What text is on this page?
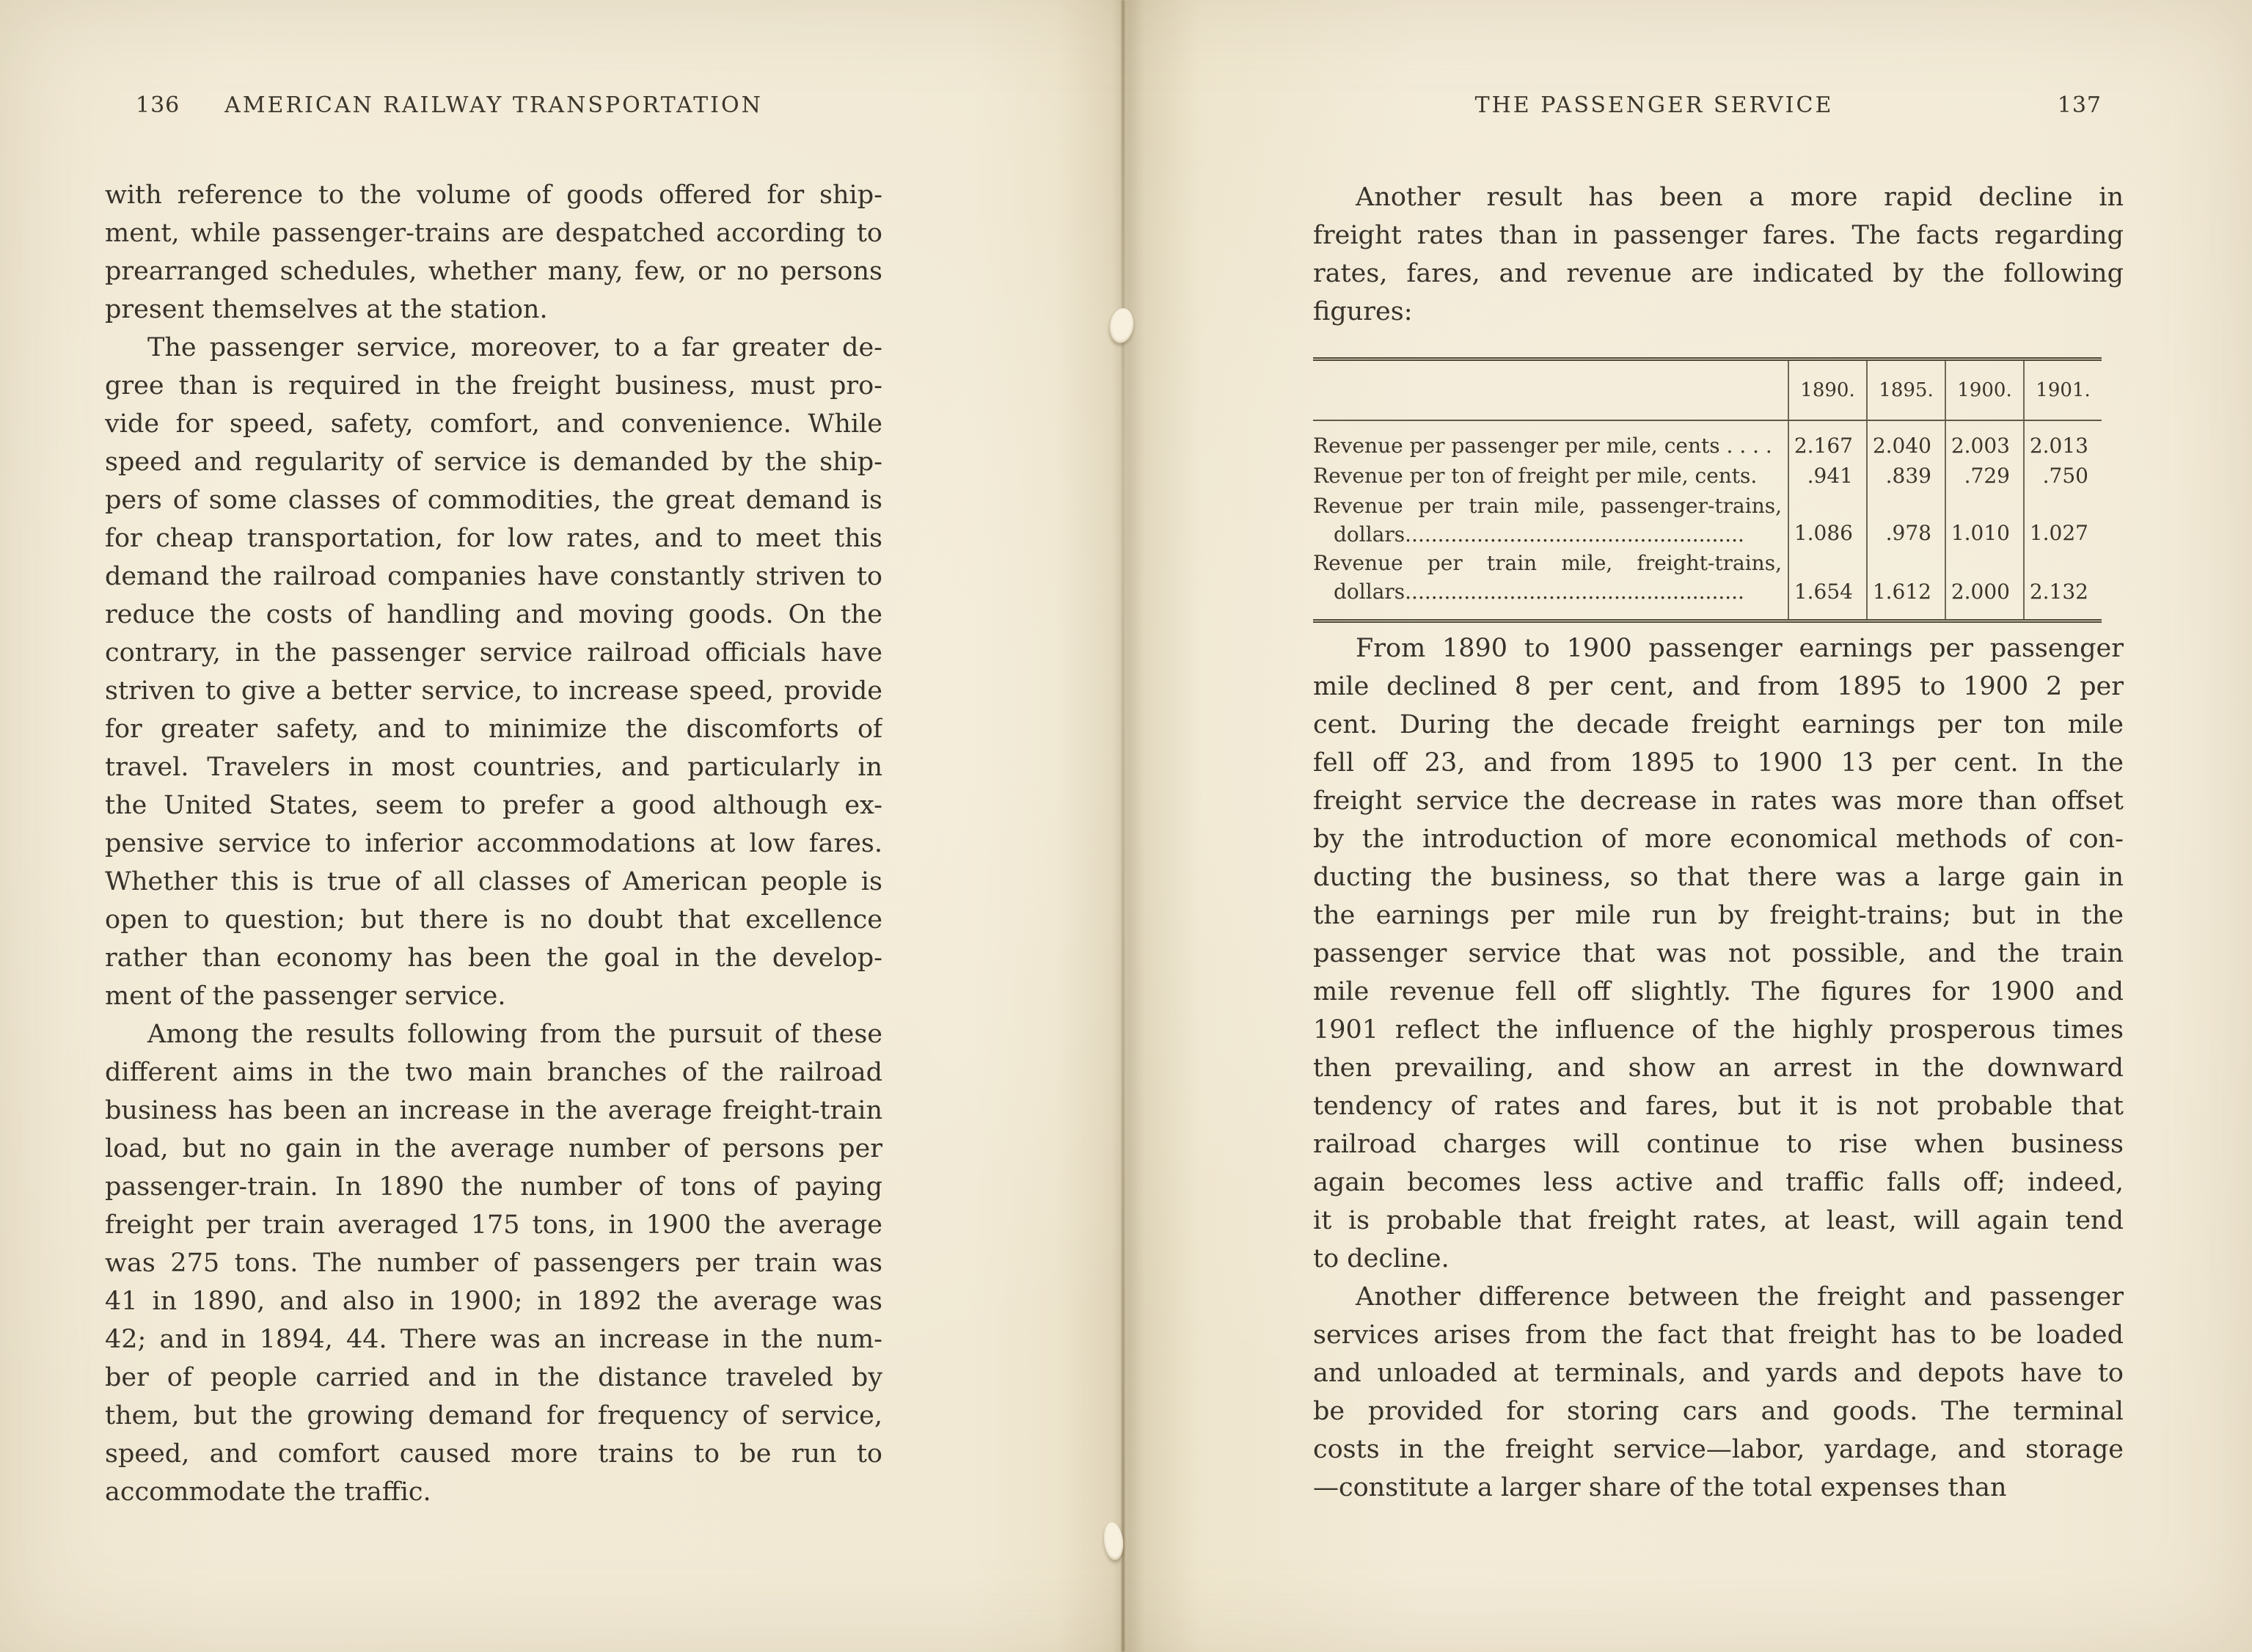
136	AMERICAN RAILWAY TRANSPORTATION
with reference to the volume of goods offered for ship-
ment, while passenger-trains are despatched according to
prearranged schedules, whether many, few, or no persons
present themselves at the station.
The passenger service, moreover, to a far greater de-
gree than is required in the freight business, must pro-
vide for speed, safety, comfort, and convenience. While
speed and regularity of service is demanded by the ship-
pers of some classes of commodities, the great demand is
for cheap transportation, for low rates, and to meet this
demand the railroad companies have constantly striven to
reduce the costs of handling and moving goods. On the
contrary, in the passenger service railroad officials have
striven to give a better service, to increase speed, provide
for greater safety, and to minimize the discomforts of
travel. Travelers in most countries, and particularly in
the United States, seem to prefer a good although ex-
pensive service to inferior accommodations at low fares.
Whether this is true of all classes of American people is
open to question; but there is no doubt that excellence
rather than economy has been the goal in the develop-
ment of the passenger service.
Among the results following from the pursuit of these
different aims in the two main branches of the railroad
business has been an increase in the average freight-train
load, but no gain in the average number of persons per
passenger-train. In 1890 the number of tons of paying
freight per train averaged 175 tons, in 1900 the average
was 275 tons. The number of passengers per train was
41 in 1890, and also in 1900; in 1892 the average was
42; and in 1894, 44. There was an increase in the num-
ber of people carried and in the distance traveled by
them, but the growing demand for frequency of service,
speed, and comfort caused more trains to be run to
accommodate the traffic.
THE PASSENGER SERVICE	137
Another result has been a more rapid decline in
freight rates than in passenger fares. The facts regarding
rates, fares, and revenue are indicated by the following
figures:
1890.	1895.	1900.	1901.
Revenue per passenger per mile, cents . . . .	2.167 2.040 2.003 2.013
Revenue per ton of freight per mile, cents.	.941	.839	.729	.750
Revenue per train mile, passenger-trains,
 dollars....................................................	1.086	.978 1.010 1.027
Revenue per train mile, freight-trains,
 dollars....................................................	1.654 1.612 2.000 2.132
From 1890 to 1900 passenger earnings per passenger
mile declined 8 per cent, and from 1895 to 1900 2 per
cent. During the decade freight earnings per ton mile
fell off 23, and from 1895 to 1900 13 per cent. In the
freight service the decrease in rates was more than offset
by the introduction of more economical methods of con-
ducting the business, so that there was a large gain in
the earnings per mile run by freight-trains; but in the
passenger service that was not possible, and the train
mile revenue fell off slightly. The figures for 1900 and
1901 reflect the influence of the highly prosperous times
then prevailing, and show an arrest in the downward
tendency of rates and fares, but it is not probable that
railroad charges will continue to rise when business
again becomes less active and traffic falls off; indeed,
it is probable that freight rates, at least, will again tend
to decline.
Another difference between the freight and passenger
services arises from the fact that freight has to be loaded
and unloaded at terminals, and yards and depots have to
be provided for storing cars and goods. The terminal
costs in the freight service—labor, yardage, and storage
—constitute a larger share of the total expenses than
